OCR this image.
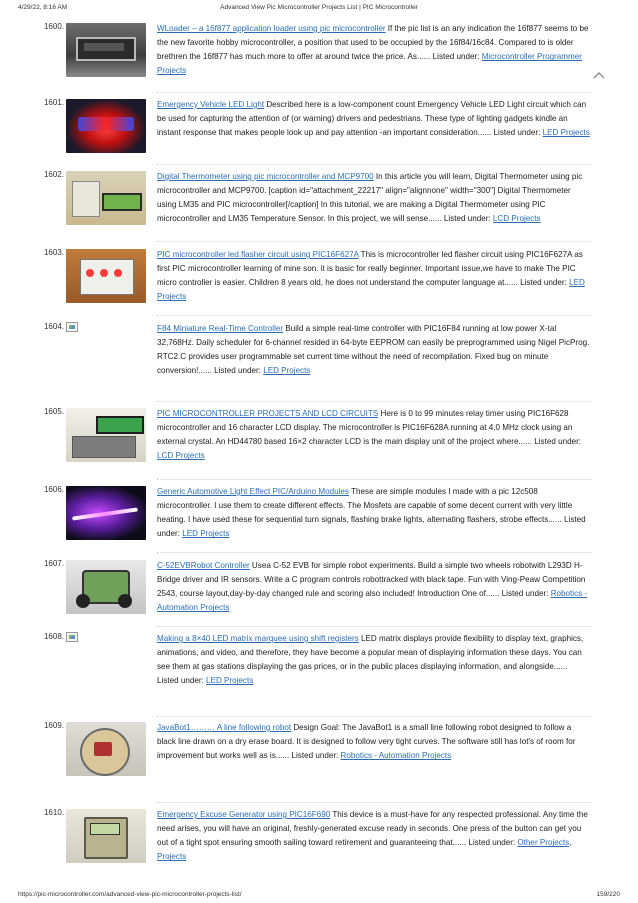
4/29/22, 8:16 AM	Advanced View Pic Microcontroller Projects List | PIC Microcontroller
1600.	WLoader – a 16f877 application loader using pic microcontroller If the pic list is an any indication the 16f877 seems to be the new favorite hobby microcontroller, a position that used to be occupied by the 16f84/16c84. Compared to is older brethren the 16f877 has much more to offer at around twice the price. As...... Listed under: Microcontroller Programmer Projects
1601.	Emergency Vehicle LED Light Described here is a low-component count Emergency Vehicle LED Light circuit which can be used for capturing the attention of (or warning) drivers and pedestrians. These type of lighting gadgets kindle an instant response that makes people look up and pay attention -an important consideration...... Listed under: LED Projects
1602.	Digital Thermometer using pic microcontroller and MCP9700 In this article you will learn, Digital Thermometer using pic microcontroller and MCP9700. [caption id="attachment_22217" align="alignnone" width="300"] Digital Thermometer using LM35 and PIC microcontroller[/caption] In this tutorial, we are making a Digital Thermometer using PIC microcontroller and LM35 Temperature Sensor. In this project, we will sense...... Listed under: LCD Projects
1603.	PIC microcontroller led flasher circuit using PIC16F627A This is microcontroller led flasher circuit using PIC16F627A as first PIC microcontroller learning of mine son. it is basic for really beginner. Important issue,we have to make The PIC micro controller is easier. Children 8 years old, he does not understand the computer language at...... Listed under: LED Projects
1604.	F84 Miniature Real-Time Controller Build a simple real-time controller with PIC16F84 running at low power X-tal 32,768Hz. Daily scheduler for 6-channel resided in 64-byte EEPROM can easily be preprogrammed using Nigel PicProg. RTC2.C provides user programmable set current time without the need of recompilation. Fixed bug on minute conversion!...... Listed under: LED Projects
1605.	PIC MICROCONTROLLER PROJECTS AND LCD CIRCUITS Here is 0 to 99 minutes relay timer using PIC16F628 microcontroller and 16 character LCD display. The microcontroller is PIC16F628A running at 4.0 MHz clock using an external crystal. An HD44780 based 16×2 character LCD is the main display unit of the project where...... Listed under: LCD Projects
1606.	Generic Automotive Light Effect PIC/Arduino Modules These are simple modules I made with a pic 12c508 microcontroller. I use them to create different effects. The Mosfets are capable of some decent current with very little heating. I have used these for sequential turn signals, flashing brake lights, alternating flashers, strobe effects...... Listed under: LED Projects
1607.	C-52EVBRobot Controller Usea C-52 EVB for simple robot experiments. Build a simple two wheels robotwith L293D H-Bridge driver and IR sensors. Write a C program controls robottracked with black tape. Fun with Ving-Peaw Competition 2543, course layout,day-by-day changed rule and scoring also included! Introduction One of...... Listed under: Robotics - Automation Projects
1608.	Making a 8×40 LED matrix marquee using shift registers LED matrix displays provide flexibility to display text, graphics, animations, and video, and therefore, they have become a popular mean of displaying information these days. You can see them at gas stations displaying the gas prices, or in the public places displaying information, and alongside...... Listed under: LED Projects
1609.	JavaBot1……… A line following robot Design Goal: The JavaBot1 is a small line following robot designed to follow a black line drawn on a dry erase board. It is designed to follow very tight curves. The software still has lot's of room for improvement but works well as is...... Listed under: Robotics - Automation Projects
1610.	Emergency Excuse Generator using PIC16F690 This device is a must-have for any respected professional. Any time the need arises, you will have an original, freshly-generated excuse ready in seconds. One press of the button can get you out of a tight spot ensuring smooth sailing toward retirement and guaranteeing that...... Listed under: Other Projects, Projects
https://pic-microcontroller.com/advanced-view-pic-microcontroller-projects-list/	159/220
